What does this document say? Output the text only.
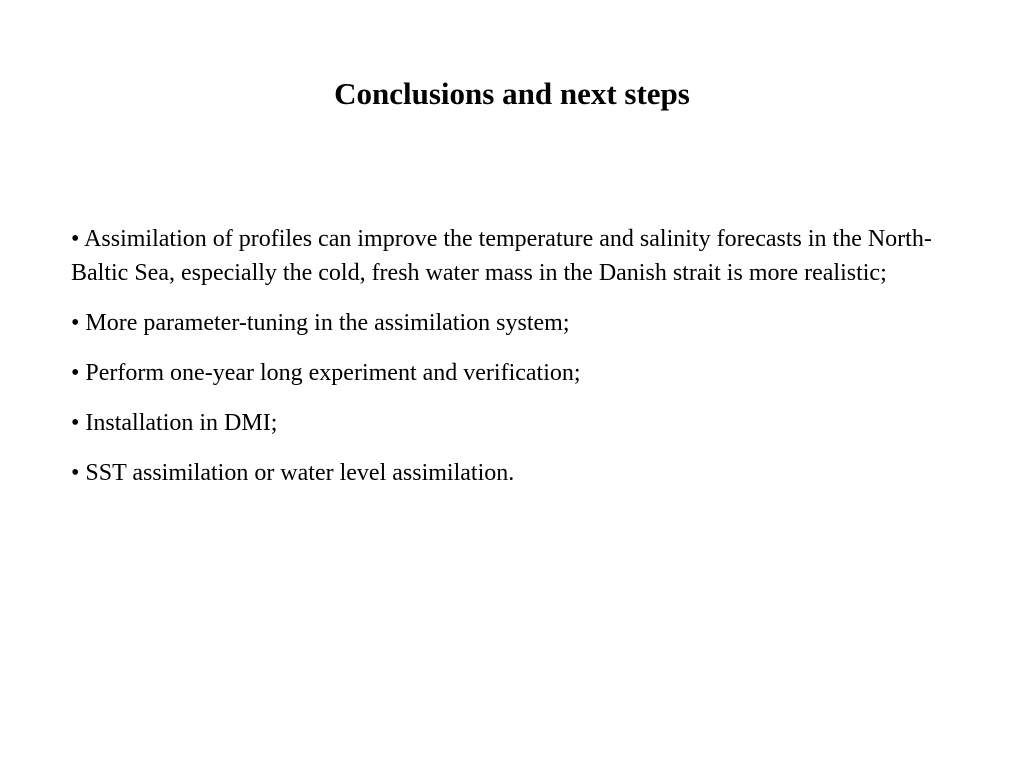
Conclusions and next steps
• Assimilation of profiles can improve the temperature and salinity forecasts in the North-Baltic Sea, especially the cold, fresh water mass in the Danish strait is more realistic;
• More parameter-tuning in the assimilation system;
• Perform one-year long experiment and verification;
• Installation in DMI;
• SST assimilation or water level assimilation.
